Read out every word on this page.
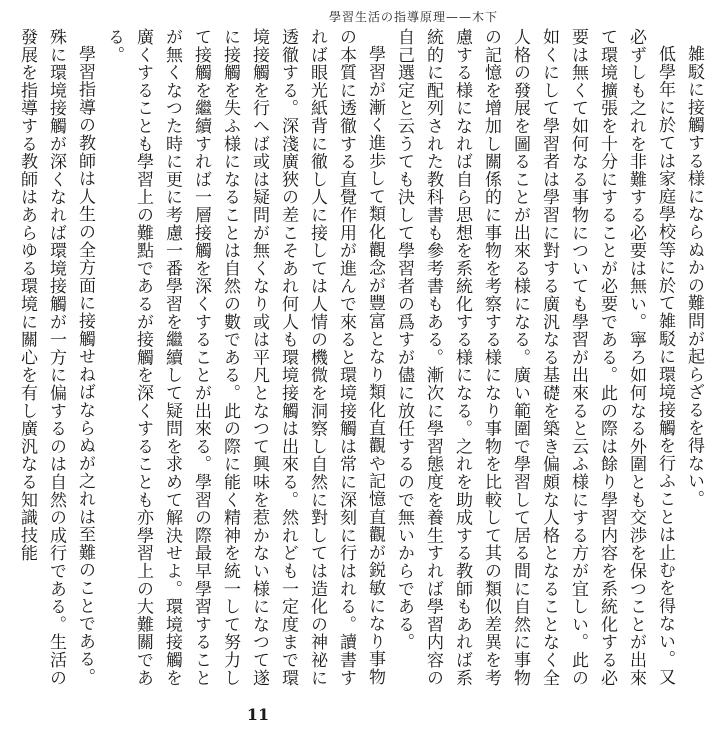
學習生活の指導原理——木下

雑駁に接觸する様にならぬかの難問が起らざるを得ない。

低學年に於ては家庭學校等に於て雑駁に環境接觸を行ふことは止むを得ない。又必ずしも之れを非難する必要は無い。寧ろ如何なる外圍とも交渉を保つことが出來て環境擴張を十分にすることが必要である。此の際は餘り學習内容を系統化する必要は無くて如何なる事物についても學習が出來ると云ふ様にする方が宜しい。此の如くにして學習者は學習に對する廣汎なる基礎を築き偏頗な人格となることなく全人格の發展を圖ることが出來る様になる。廣い範圍で學習して居る間に自然に事物の記憶を增加し關係的に事物を考察する様になり事物を比較して其の類似差異を考慮する様になれば自ら思想を系統化する様になる。之れを助成する教師もあれば系統的に配列された教科書も參考書もある。漸次に學習態度を養生すれば學習内容の自己選定と云うても決して學習者の爲すが儘に放任するので無いからである。

學習が漸く進歩して類化觀念が豐富となり類化直觀や記憶直觀が鋭敏になり事物の本質に透徹する直覺作用が進んで來ると環境接觸は常に深刻に行はれる。讀書すれば眼光紙背に徹し人に接しては人情の機微を洞察し自然に對しては造化の神祕に透徹する。深淺廣狹の差こそあれ何人も環境接觸は出來る。然れども一定度まで環境接觸を行へば或は疑問が無くなり或は平凡となつて興味を惹かない様になつて遂に接觸を失ふ様になることは自然の數である。此の際に能く精神を統一して努力して接觸を繼續すれば一層接觸を深くすることが出來る。學習の際最早學習することが無くなつた時に更に考慮一番學習を繼續して疑問を求めて解決せよ。環境接觸を廣くすることも學習上の難點であるが接觸を深くすることも亦學習上の大難關である。

學習指導の教師は人生の全方面に接觸せねばならぬが之れは至難のことである。殊に環境接觸が深くなれば環境接觸が一方に偏するのは自然の成行である。生活の發展を指導する教師はあらゆる環境に關心を有し廣汎なる知識技能

11
